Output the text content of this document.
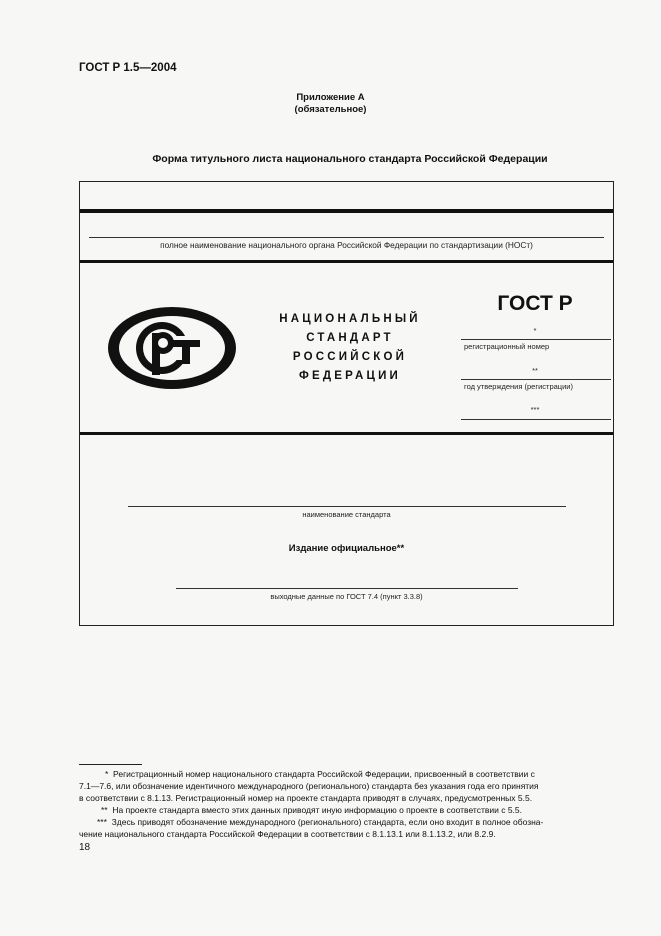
ГОСТ Р 1.5—2004
Приложение А
(обязательное)
Форма титульного листа национального стандарта Российской Федерации
полное наименование национального органа Российской Федерации по стандартизации (НОСт)
НАЦИОНАЛЬНЫЙ
СТАНДАРТ
РОССИЙСКОЙ
ФЕДЕРАЦИИ
ГОСТ Р
*
регистрационный номер
**
год утверждения (регистрации)
***
наименование стандарта
Издание официальное**
выходные данные по ГОСТ 7.4 (пункт 3.3.8)
* Регистрационный номер национального стандарта Российской Федерации, присвоенный в соответствии с
7.1—7.6, или обозначение идентичного международного (регионального) стандарта без указания года его принятия
в соответствии с 8.1.13. Регистрационный номер на проекте стандарта приводят в случаях, предусмотренных 5.5.
** На проекте стандарта вместо этих данных приводят иную информацию о проекте в соответствии с 5.5.
*** Здесь приводят обозначение международного (регионального) стандарта, если оно входит в полное обозна-
чение национального стандарта Российской Федерации в соответствии с 8.1.13.1 или 8.1.13.2, или 8.2.9.
18
